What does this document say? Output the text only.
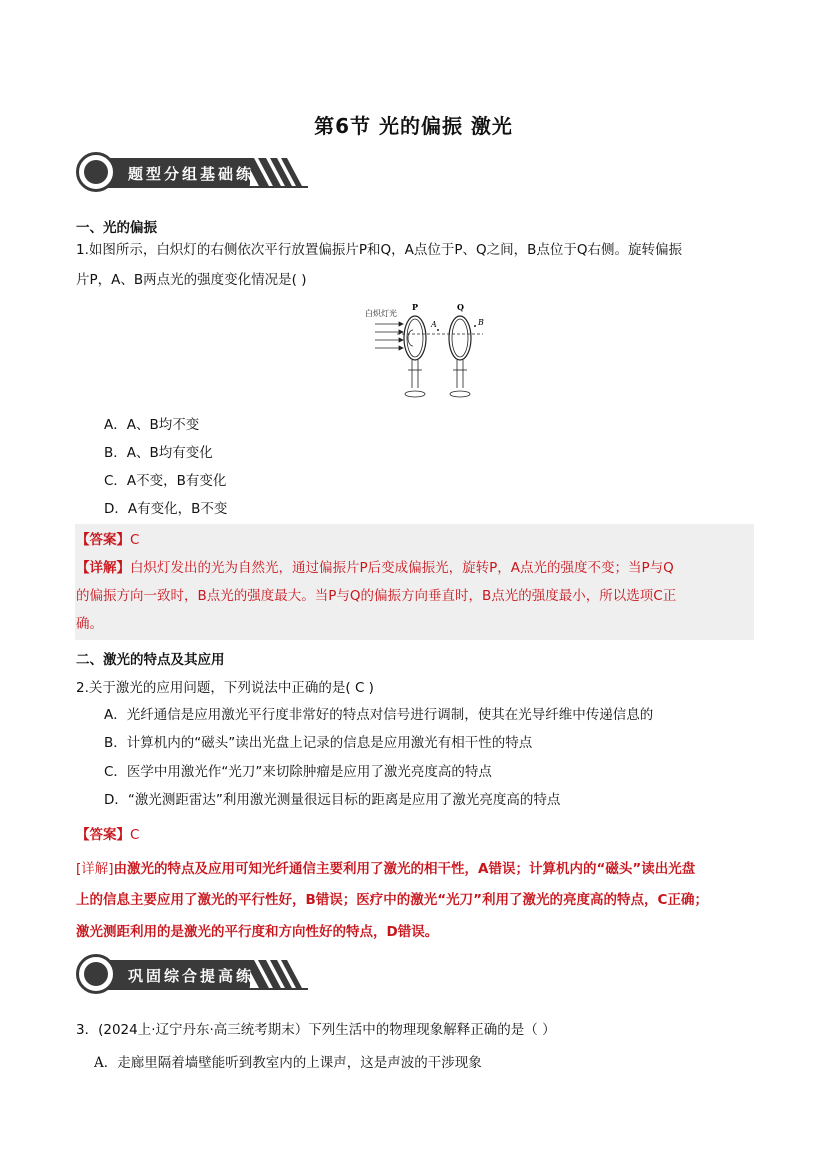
第6节 光的偏振 激光
题型分组基础练
一、光的偏振
1.如图所示，白炽灯的右侧依次平行放置偏振片P和Q，A点位于P、Q之间，B点位于Q右侧。旋转偏振
片P，A、B两点光的强度变化情况是( )
白炽灯光
P	Q
A	B
A．A、B均不变
B．A、B均有变化
C．A不变，B有变化
D．A有变化，B不变
【答案】C
【详解】白炽灯发出的光为自然光，通过偏振片P后变成偏振光，旋转P，A点光的强度不变；当P与Q
的偏振方向一致时，B点光的强度最大。当P与Q的偏振方向垂直时，B点光的强度最小，所以选项C正
确。
二、激光的特点及其应用
2.关于激光的应用问题，下列说法中正确的是( C )
A．光纤通信是应用激光平行度非常好的特点对信号进行调制，使其在光导纤维中传递信息的
B．计算机内的“磁头”读出光盘上记录的信息是应用激光有相干性的特点
C．医学中用激光作“光刀”来切除肿瘤是应用了激光亮度高的特点
D．“激光测距雷达”利用激光测量很远目标的距离是应用了激光亮度高的特点
【答案】C
[详解]由激光的特点及应用可知光纤通信主要利用了激光的相干性，A错误；计算机内的“磁头”读出光盘
上的信息主要应用了激光的平行性好，B错误；医疗中的激光“光刀”利用了激光的亮度高的特点，C正确；
激光测距利用的是激光的平行度和方向性好的特点，D错误。
巩固综合提高练
3．(2024上·辽宁丹东·高三统考期末）下列生活中的物理现象解释正确的是（ ）
A．走廊里隔着墙壁能听到教室内的上课声，这是声波的干涉现象
